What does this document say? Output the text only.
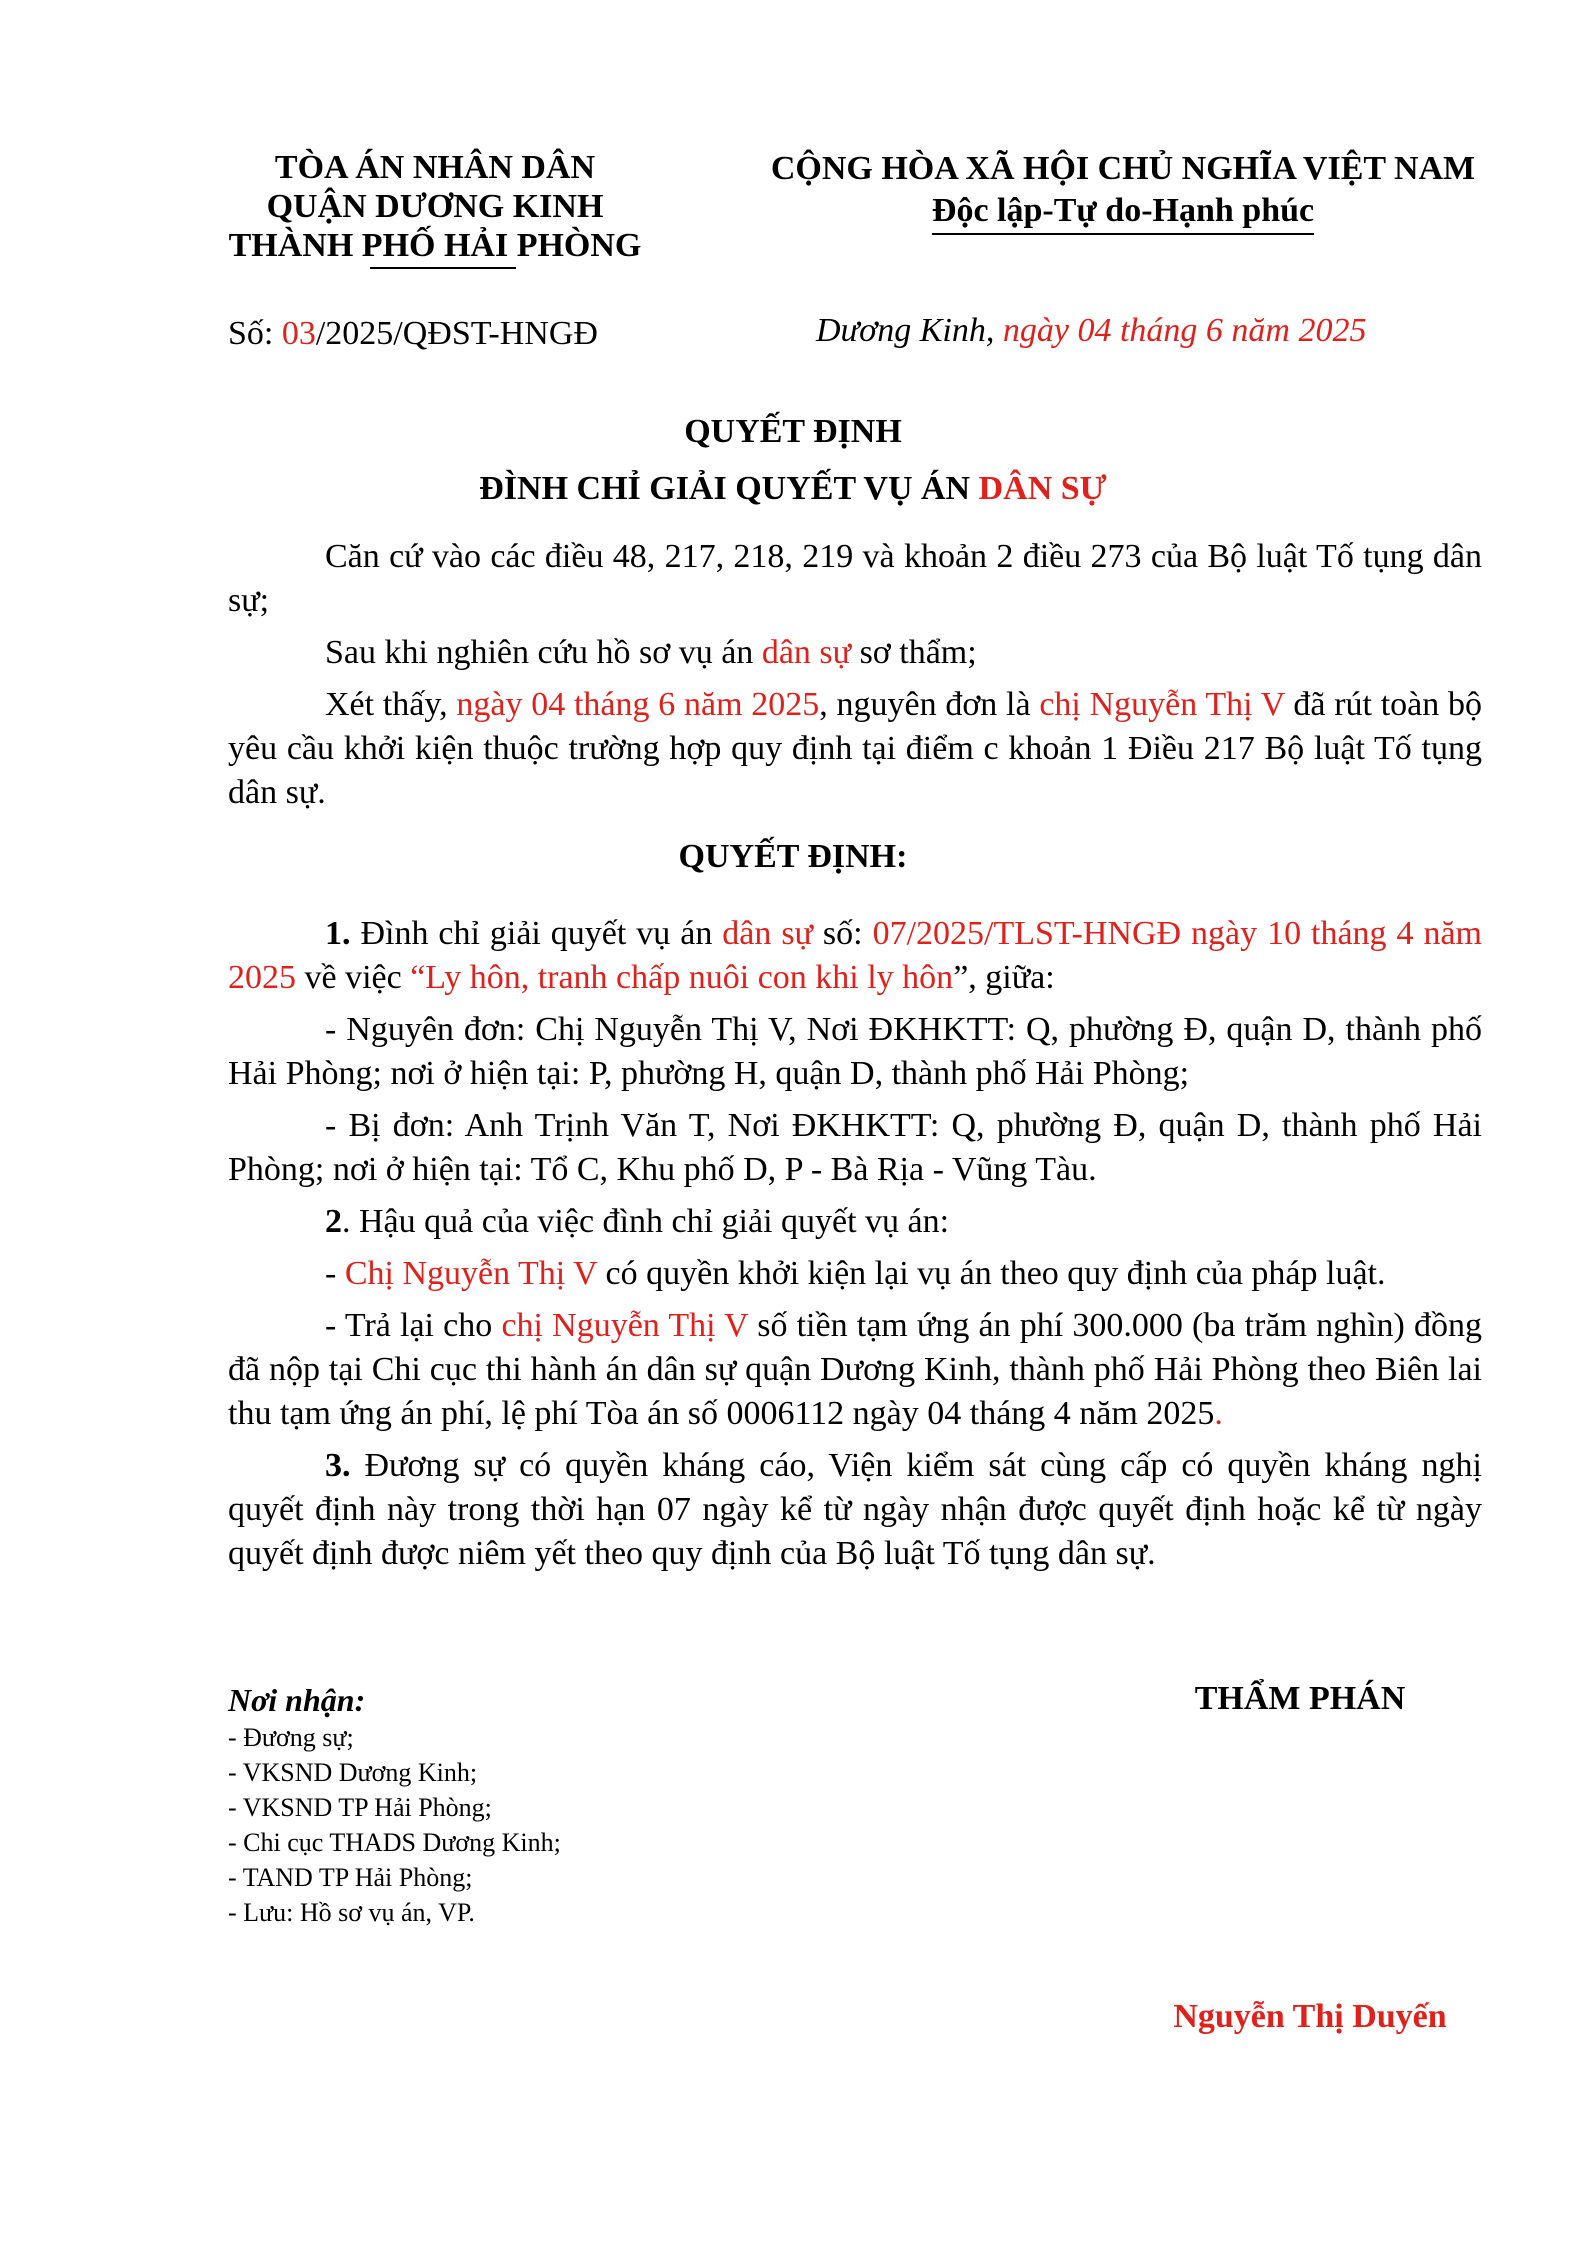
TÒA ÁN NHÂN DÂN
QUẬN DƯƠNG KINH
THÀNH PHỐ HẢI PHÒNG
CỘNG HÒA XÃ HỘI CHỦ NGHĨA VIỆT NAM
Độc lập-Tự do-Hạnh phúc
Số: 03/2025/QĐST-HNGĐ	Dương Kinh, ngày 04 tháng 6 năm 2025
QUYẾT ĐỊNH
ĐÌNH CHỈ GIẢI QUYẾT VỤ ÁN DÂN SỰ

Căn cứ vào các điều 48, 217, 218, 219 và khoản 2 điều 273 của Bộ luật Tố tụng dân sự;

Sau khi nghiên cứu hồ sơ vụ án dân sự sơ thẩm;

Xét thấy, ngày 04 tháng 6 năm 2025, nguyên đơn là chị Nguyễn Thị V đã rút toàn bộ yêu cầu khởi kiện thuộc trường hợp quy định tại điểm c khoản 1 Điều 217 Bộ luật Tố tụng dân sự.

QUYẾT ĐỊNH:

1. Đình chỉ giải quyết vụ án dân sự số: 07/2025/TLST-HNGĐ ngày 10 tháng 4 năm 2025 về việc “Ly hôn, tranh chấp nuôi con khi ly hôn”, giữa:

- Nguyên đơn: Chị Nguyễn Thị V, Nơi ĐKHKTT: Q, phường Đ, quận D, thành phố Hải Phòng; nơi ở hiện tại: P, phường H, quận D, thành phố Hải Phòng;

- Bị đơn: Anh Trịnh Văn T, Nơi ĐKHKTT: Q, phường Đ, quận D, thành phố Hải Phòng; nơi ở hiện tại: Tổ C, Khu phố D, P - Bà Rịa - Vũng Tàu.

2. Hậu quả của việc đình chỉ giải quyết vụ án:

- Chị Nguyễn Thị V có quyền khởi kiện lại vụ án theo quy định của pháp luật.

- Trả lại cho chị Nguyễn Thị V số tiền tạm ứng án phí 300.000 (ba trăm nghìn) đồng đã nộp tại Chi cục thi hành án dân sự quận Dương Kinh, thành phố Hải Phòng theo Biên lai thu tạm ứng án phí, lệ phí Tòa án số 0006112 ngày 04 tháng 4 năm 2025.

3. Đương sự có quyền kháng cáo, Viện kiểm sát cùng cấp có quyền kháng nghị quyết định này trong thời hạn 07 ngày kể từ ngày nhận được quyết định hoặc kể từ ngày quyết định được niêm yết theo quy định của Bộ luật Tố tụng dân sự.

Nơi nhận:
- Đương sự;
- VKSND Dương Kinh;
- VKSND TP Hải Phòng;
- Chi cục THADS Dương Kinh;
- TAND TP Hải Phòng;
- Lưu: Hồ sơ vụ án, VP.
THẨM PHÁN
Nguyễn Thị Duyến
